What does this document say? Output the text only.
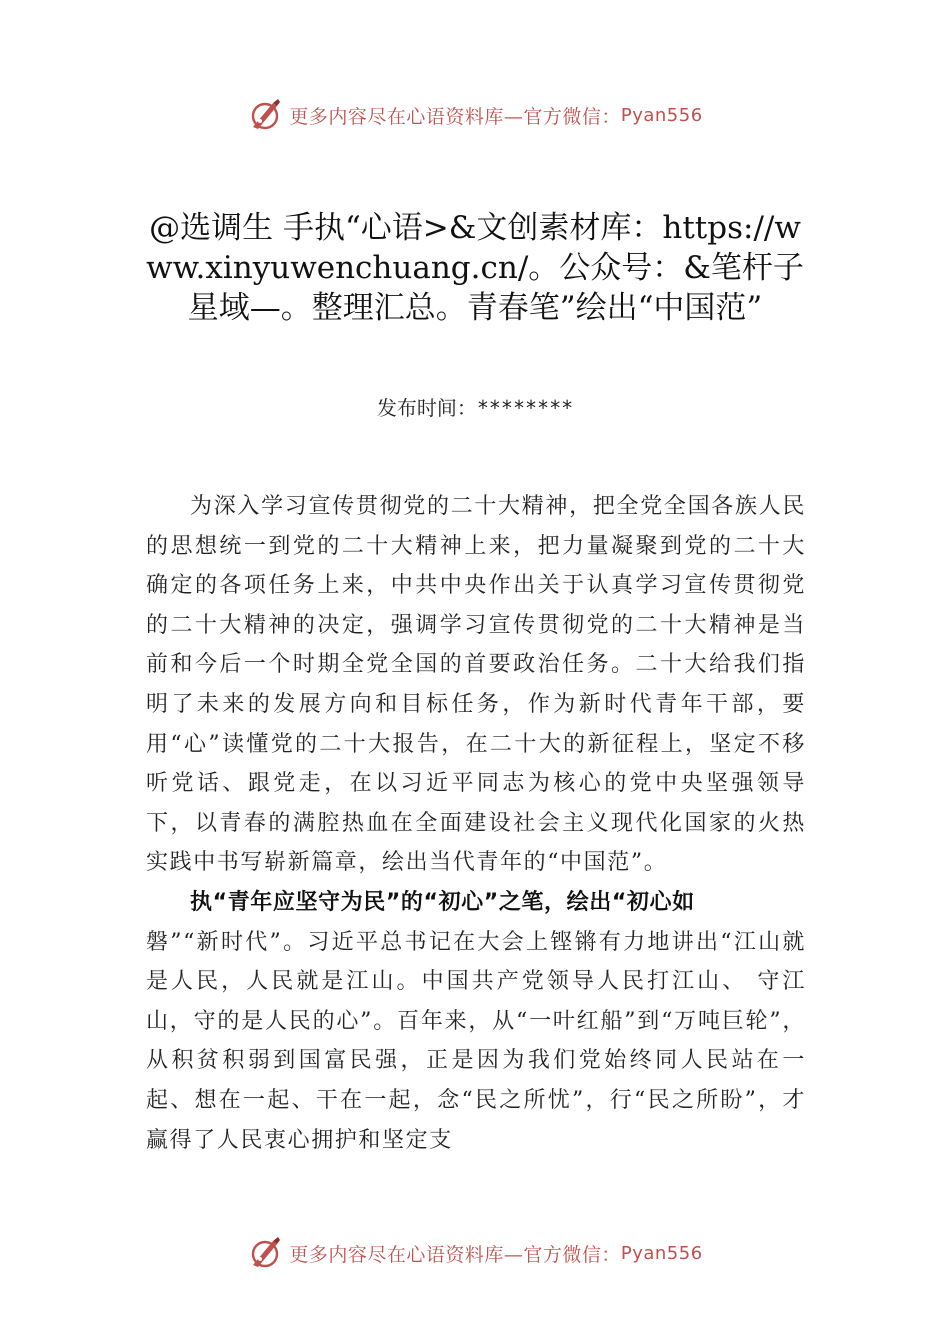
更多内容尽在心语资料库—官方微信： Pyan556
@选调生 手执“心语>&文创素材库：https://www.xinyuwenchuang.cn/。公众号：&笔杆子星域—。整理汇总。青春笔”绘出“中国范”
发布时间：********

为深入学习宣传贯彻党的二十大精神，把全党全国各族人民的思想统一到党的二十大精神上来，把力量凝聚到党的二十大确定的各项任务上来，中共中央作出关于认真学习宣传贯彻党的二十大精神的决定，强调学习宣传贯彻党的二十大精神是当前和今后一个时期全党全国的首要政治任务。二十大给我们指明了未来的发展方向和目标任务，作为新时代青年干部，要用“心”读懂党的二十大报告，在二十大的新征程上，坚定不移听党话、跟党走，在以习近平同志为核心的党中央坚强领导下，以青春的满腔热血在全面建设社会主义现代化国家的火热实践中书写崭新篇章，绘出当代青年的“中国范”。

执“青年应坚守为民”的“初心”之笔，绘出“初心如

磐”“新时代”。习近平总书记在大会上铿锵有力地讲出“江山就是人民，人民就是江山。中国共产党领导人民打江山、 守江山，守的是人民的心”。百年来，从“一叶红船”到“万吨巨轮”，从积贫积弱到国富民强，正是因为我们党始终同人民站在一起、想在一起、干在一起，念“民之所忧”，行“民之所盼”，才赢得了人民衷心拥护和坚定支

更多内容尽在心语资料库—官方微信： Pyan556
